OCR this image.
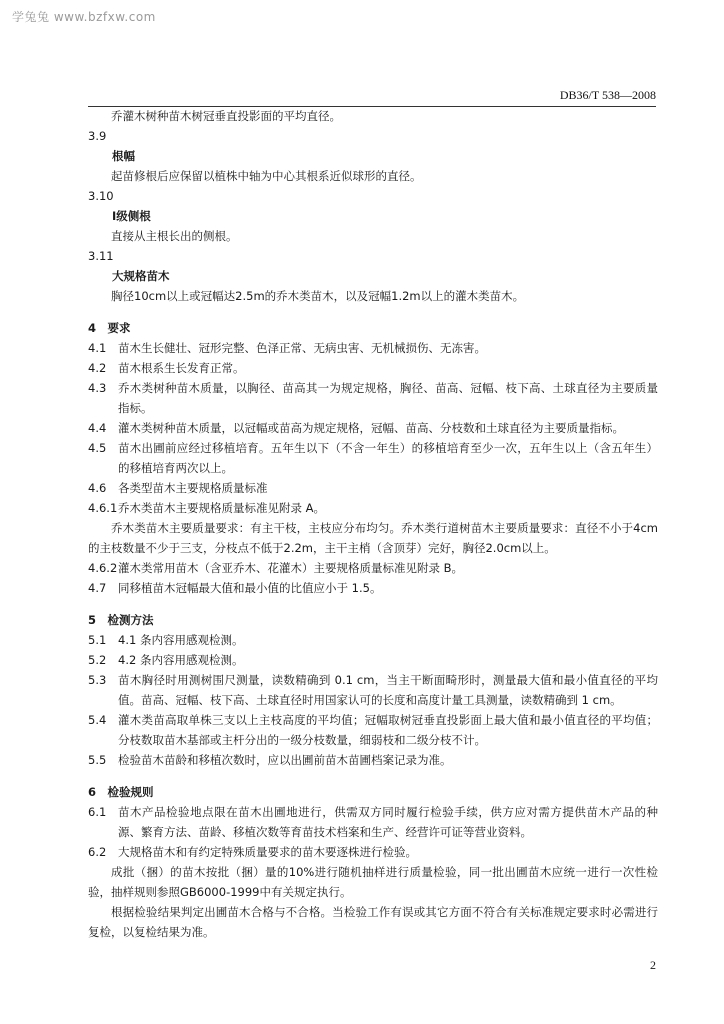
学兔兔 www.bzfxw.com
DB36/T 538—2008
乔灌木树种苗木树冠垂直投影面的平均直径。
3.9
根幅
起苗修根后应保留以植株中轴为中心其根系近似球形的直径。
3.10
Ⅰ级侧根
直接从主根长出的侧根。
3.11
大规格苗木
胸径10cm以上或冠幅达2.5m的乔木类苗木，以及冠幅1.2m以上的灌木类苗木。
4　要求
4.1	苗木生长健壮、冠形完整、色泽正常、无病虫害、无机械损伤、无冻害。
4.2	苗木根系生长发育正常。
4.3	乔木类树种苗木质量，以胸径、苗高其一为规定规格，胸径、苗高、冠幅、枝下高、土球直径为主要质量指标。
4.4	灌木类树种苗木质量，以冠幅或苗高为规定规格，冠幅、苗高、分枝数和土球直径为主要质量指标。
4.5	苗木出圃前应经过移植培育。五年生以下（不含一年生）的移植培育至少一次，五年生以上（含五年生）的移植培育两次以上。
4.6	各类型苗木主要规格质量标准
4.6.1 乔木类苗木主要规格质量标准见附录 A。
乔木类苗木主要质量要求：有主干枝，主枝应分布均匀。乔木类行道树苗木主要质量要求：直径不小于4cm的主枝数量不少于三支，分枝点不低于2.2m，主干主梢（含顶芽）完好，胸径2.0cm以上。
4.6.2 灌木类常用苗木（含亚乔木、花灌木）主要规格质量标准见附录 B。
4.7	同移植苗木冠幅最大值和最小值的比值应小于 1.5。
5　检测方法
5.1	4.1 条内容用感观检测。
5.2	4.2 条内容用感观检测。
5.3	苗木胸径时用测树围尺测量，读数精确到 0.1 cm，当主干断面畸形时，测量最大值和最小值直径的平均值。苗高、冠幅、枝下高、土球直径时用国家认可的长度和高度计量工具测量，读数精确到 1 cm。
5.4	灌木类苗高取单株三支以上主枝高度的平均值；冠幅取树冠垂直投影面上最大值和最小值直径的平均值；分枝数取苗木基部或主杆分出的一级分枝数量，细弱枝和二级分枝不计。
5.5	检验苗木苗龄和移植次数时，应以出圃前苗木苗圃档案记录为准。
6　检验规则
6.1	苗木产品检验地点限在苗木出圃地进行，供需双方同时履行检验手续，供方应对需方提供苗木产品的种源、繁育方法、苗龄、移植次数等育苗技术档案和生产、经营许可证等营业资料。
6.2	大规格苗木和有约定特殊质量要求的苗木要逐株进行检验。
成批（捆）的苗木按批（捆）量的10%进行随机抽样进行质量检验，同一批出圃苗木应统一进行一次性检验，抽样规则参照GB6000-1999中有关规定执行。
根据检验结果判定出圃苗木合格与不合格。当检验工作有误或其它方面不符合有关标准规定要求时必需进行复检，以复检结果为准。
2
